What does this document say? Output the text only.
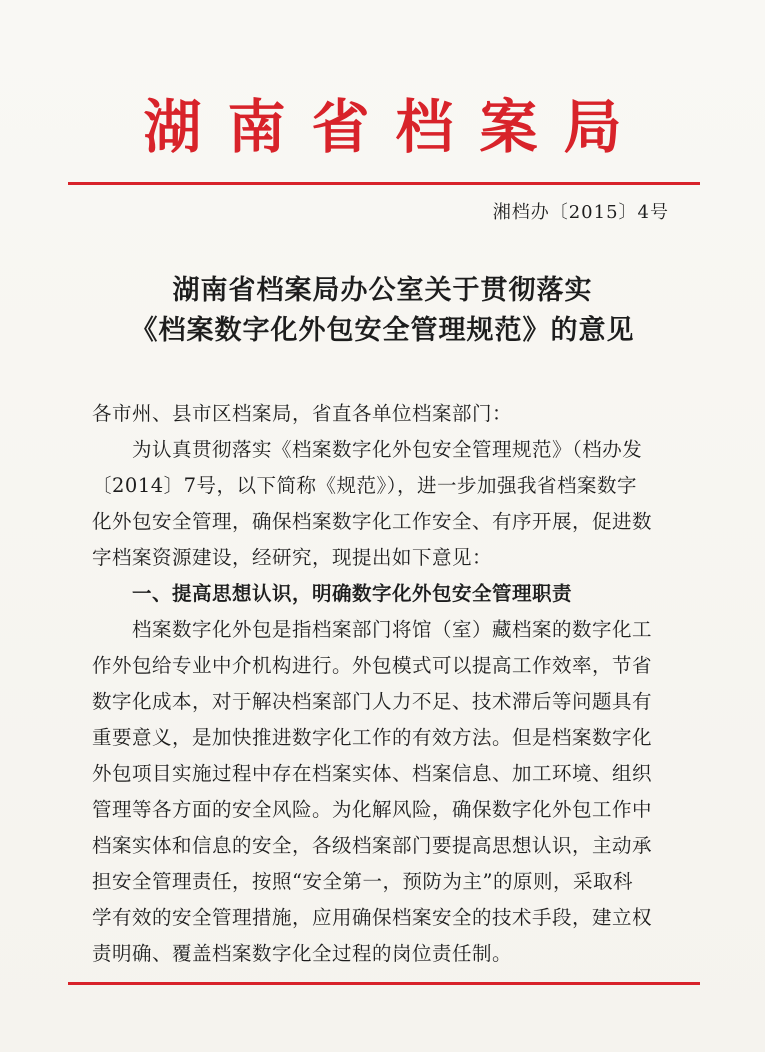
湖南省档案局
湘档办〔2015〕4号
湖南省档案局办公室关于贯彻落实
《档案数字化外包安全管理规范》的意见
各市州、县市区档案局，省直各单位档案部门：
为认真贯彻落实《档案数字化外包安全管理规范》（档办发
〔2014〕7号，以下简称《规范》），进一步加强我省档案数字
化外包安全管理，确保档案数字化工作安全、有序开展，促进数
字档案资源建设，经研究，现提出如下意见：
一、提高思想认识，明确数字化外包安全管理职责
档案数字化外包是指档案部门将馆（室）藏档案的数字化工
作外包给专业中介机构进行。外包模式可以提高工作效率，节省
数字化成本，对于解决档案部门人力不足、技术滞后等问题具有
重要意义，是加快推进数字化工作的有效方法。但是档案数字化
外包项目实施过程中存在档案实体、档案信息、加工环境、组织
管理等各方面的安全风险。为化解风险，确保数字化外包工作中
档案实体和信息的安全，各级档案部门要提高思想认识，主动承
担安全管理责任，按照“安全第一，预防为主”的原则，采取科
学有效的安全管理措施，应用确保档案安全的技术手段，建立权
责明确、覆盖档案数字化全过程的岗位责任制。
